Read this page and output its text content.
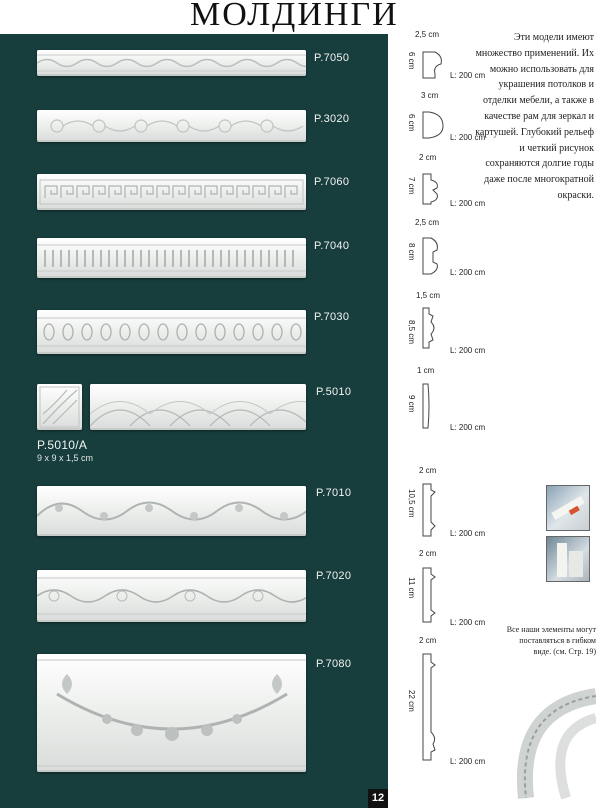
МОЛДИНГИ
P.7050
P.3020
P.7060
P.7040
P.7030
P.5010
P.7010
P.7020
P.7080
P.5010/A
9 x 9 x 1,5 cm
2,5 cm
3 cm
2 cm
2,5 cm
1,5 cm
1 cm
2 cm
2 cm
2 cm
6 cm
6 cm
7 cm
8 cm
8,5 cm
9 cm
10,5 cm
11 cm
22 cm
L: 200 cm
L: 200 cm
L: 200 cm
L: 200 cm
L: 200 cm
L: 200 cm
L: 200 cm
L: 200 cm
L: 200 cm
Эти модели имеют множество применений. Их можно использовать для украшения потолков и отделки мебели, а также в качестве рам для зеркал и картушей. Глубокий рельеф и четкий рисунок сохраняются долгие годы даже после многократной окраски.
Все наши элементы могут поставляться в гибком виде. (см. Стр. 19)
12
